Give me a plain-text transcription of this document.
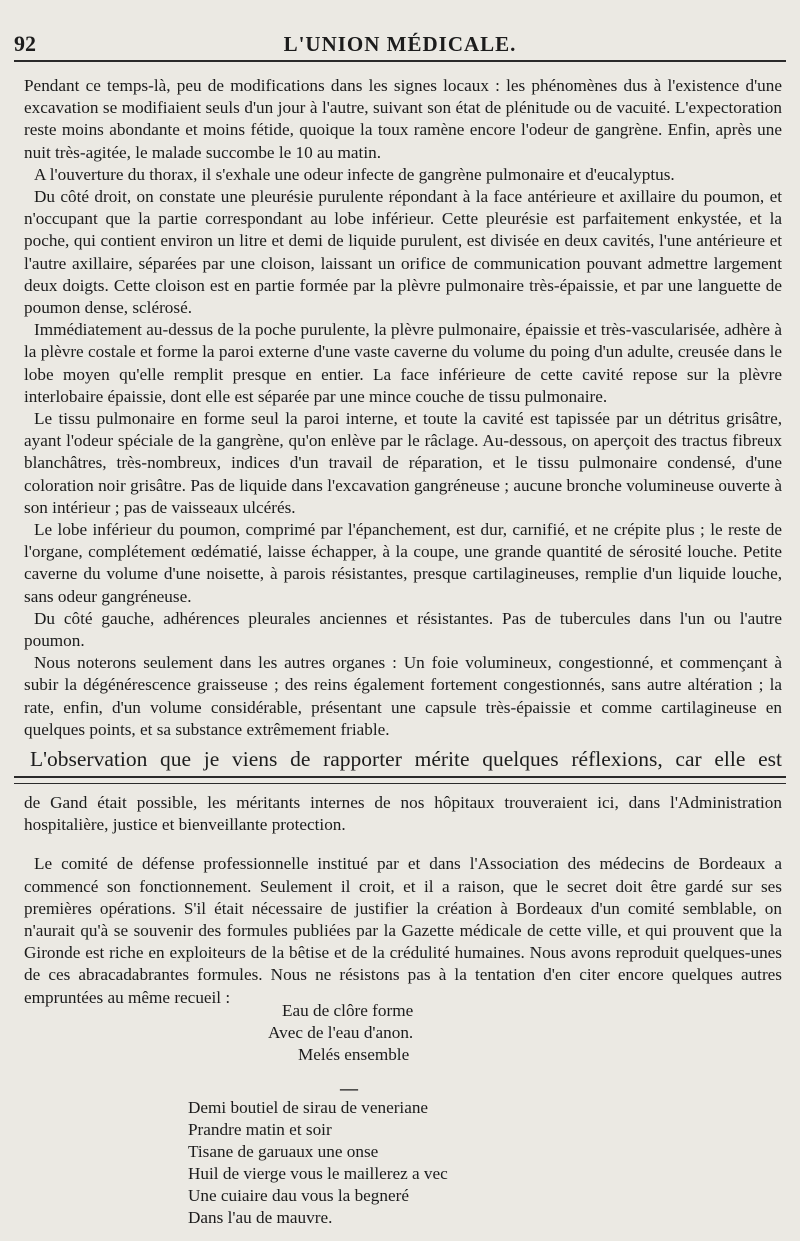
92	L'UNION MÉDICALE.

Pendant ce temps-là, peu de modifications dans les signes locaux : les phénomènes dus à l'existence d'une excavation se modifiaient seuls d'un jour à l'autre, suivant son état de plénitude ou de vacuité. L'expectoration reste moins abondante et moins fétide, quoique la toux ramène encore l'odeur de gangrène. Enfin, après une nuit très-agitée, le malade succombe le 10 au matin.

A l'ouverture du thorax, il s'exhale une odeur infecte de gangrène pulmonaire et d'eucalyptus.

Du côté droit, on constate une pleurésie purulente répondant à la face antérieure et axillaire du poumon, et n'occupant que la partie correspondant au lobe inférieur. Cette pleurésie est parfaitement enkystée, et la poche, qui contient environ un litre et demi de liquide purulent, est divisée en deux cavités, l'une antérieure et l'autre axillaire, séparées par une cloison, laissant un orifice de communication pouvant admettre largement deux doigts. Cette cloison est en partie formée par la plèvre pulmonaire très-épaissie, et par une languette de poumon dense, sclérosé.

Immédiatement au-dessus de la poche purulente, la plèvre pulmonaire, épaissie et très-vascularisée, adhère à la plèvre costale et forme la paroi externe d'une vaste caverne du volume du poing d'un adulte, creusée dans le lobe moyen qu'elle remplit presque en entier. La face inférieure de cette cavité repose sur la plèvre interlobaire épaissie, dont elle est séparée par une mince couche de tissu pulmonaire.

Le tissu pulmonaire en forme seul la paroi interne, et toute la cavité est tapissée par un détritus grisâtre, ayant l'odeur spéciale de la gangrène, qu'on enlève par le râclage. Au-dessous, on aperçoit des tractus fibreux blanchâtres, très-nombreux, indices d'un travail de réparation, et le tissu pulmonaire condensé, d'une coloration noir grisâtre. Pas de liquide dans l'excavation gangréneuse ; aucune bronche volumineuse ouverte à son intérieur ; pas de vaisseaux ulcérés.

Le lobe inférieur du poumon, comprimé par l'épanchement, est dur, carnifié, et ne crépite plus ; le reste de l'organe, complétement œdématié, laisse échapper, à la coupe, une grande quantité de sérosité louche. Petite caverne du volume d'une noisette, à parois résistantes, presque cartilagineuses, remplie d'un liquide louche, sans odeur gangréneuse.

Du côté gauche, adhérences pleurales anciennes et résistantes. Pas de tubercules dans l'un ou l'autre poumon.

Nous noterons seulement dans les autres organes : Un foie volumineux, congestionné, et commençant à subir la dégénérescence graisseuse ; des reins également fortement congestionnés, sans autre altération ; la rate, enfin, d'un volume considérable, présentant une capsule très-épaissie et comme cartilagineuse en quelques points, et sa substance extrêmement friable.

L'observation que je viens de rapporter mérite quelques réflexions, car elle est

de Gand était possible, les méritants internes de nos hôpitaux trouveraient ici, dans l'Administration hospitalière, justice et bienveillante protection.

Le comité de défense professionnelle institué par et dans l'Association des médecins de Bordeaux a commencé son fonctionnement. Seulement il croit, et il a raison, que le secret doit être gardé sur ses premières opérations. S'il était nécessaire de justifier la création à Bordeaux d'un comité semblable, on n'aurait qu'à se souvenir des formules publiées par la Gazette médicale de cette ville, et qui prouvent que la Gironde est riche en exploiteurs de la bêtise et de la crédulité humaines. Nous avons reproduit quelques-unes de ces abracadabrantes formules. Nous ne résistons pas à la tentation d'en citer encore quelques autres empruntées au même recueil :

Eau de clôre forme
Avec de l'eau d'anon.
Melés ensemble
—
Demi boutiel de sirau de veneriane
Prandre matin et soir
Tisane de garuaux une onse
Huil de vierge vous le maillerez a vec
Une cuiaire dau vous la begneré
Dans l'au de mauvre.
